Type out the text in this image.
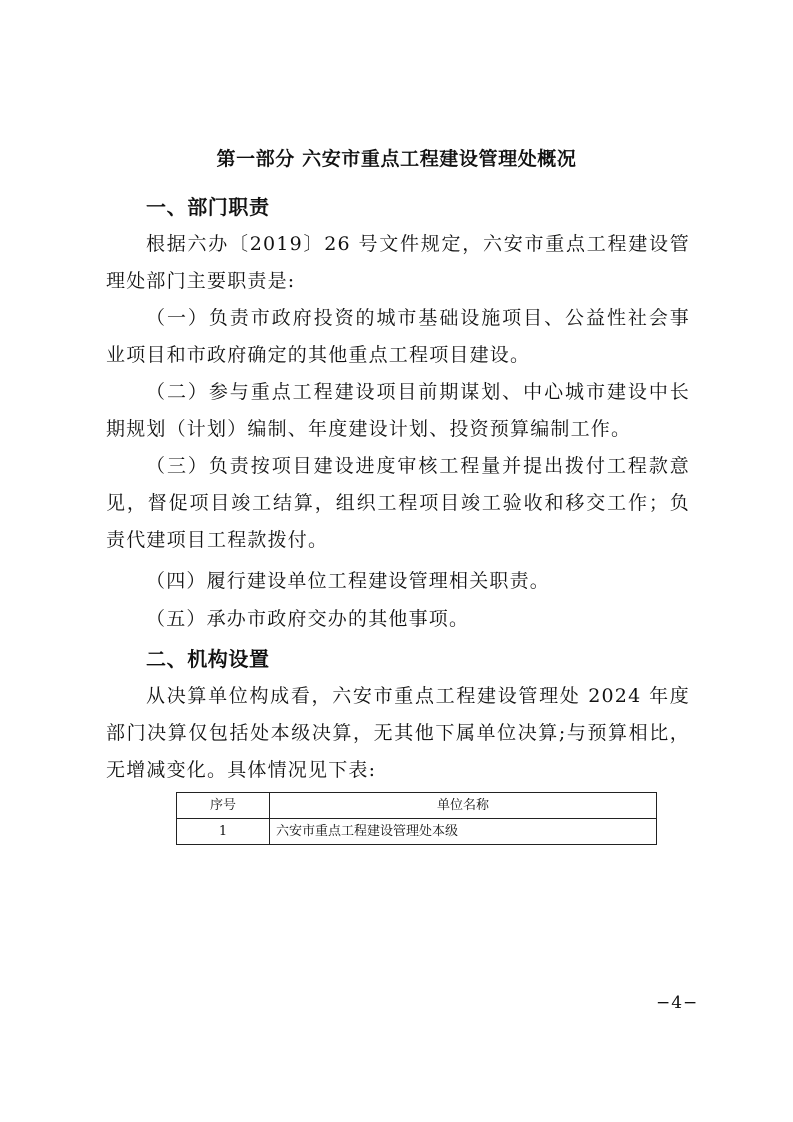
第一部分 六安市重点工程建设管理处概况
一、部门职责

根据六办〔2019〕26 号文件规定，六安市重点工程建设管理处部门主要职责是:

（一）负责市政府投资的城市基础设施项目、公益性社会事业项目和市政府确定的其他重点工程项目建设。

（二）参与重点工程建设项目前期谋划、中心城市建设中长期规划（计划）编制、年度建设计划、投资预算编制工作。

（三）负责按项目建设进度审核工程量并提出拨付工程款意见，督促项目竣工结算，组织工程项目竣工验收和移交工作；负责代建项目工程款拨付。

（四）履行建设单位工程建设管理相关职责。

（五）承办市政府交办的其他事项。

二、机构设置

从决算单位构成看，六安市重点工程建设管理处 2024 年度部门决算仅包括处本级决算，无其他下属单位决算;与预算相比，无增减变化。具体情况见下表:

序号	单位名称
1	六安市重点工程建设管理处本级
−4−
